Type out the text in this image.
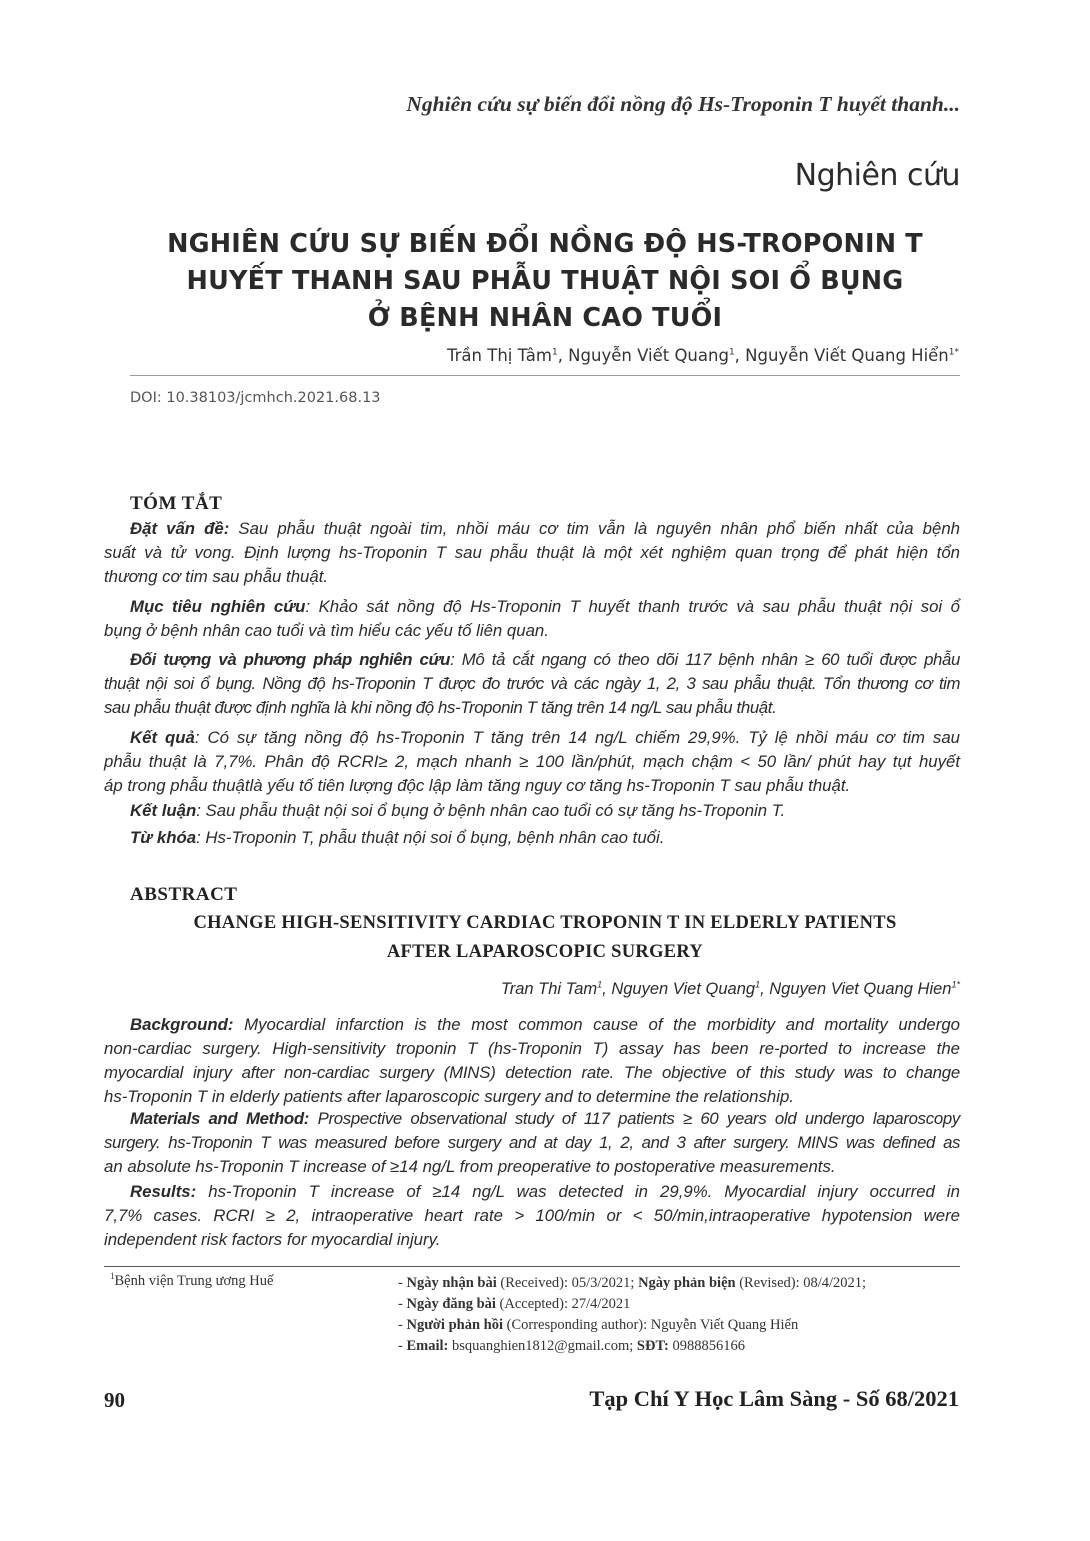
Nghiên cứu sự biến đổi nồng độ Hs-Troponin T huyết thanh...
Nghiên cứu
NGHIÊN CỨU SỰ BIẾN ĐỔI NỒNG ĐỘ HS-TROPONIN T
HUYẾT THANH SAU PHẪU THUẬT NỘI SOI Ổ BỤNG
Ở BỆNH NHÂN CAO TUỔI
Trần Thị Tâm$^1$, Nguyễn Viết Quang$^1$, Nguyễn Viết Quang Hiển$^{1*}$
DOI: 10.38103/jcmhch.2021.68.13
TÓM TẮT
Đặt vấn đề: Sau phẫu thuật ngoài tim, nhồi máu cơ tim vẫn là nguyên nhân phổ biến nhất của bệnh
suất và tử vong. Định lượng hs-Troponin T sau phẫu thuật là một xét nghiệm quan trọng để phát hiện tổn
thương cơ tim sau phẫu thuật.
Mục tiêu nghiên cứu: Khảo sát nồng độ Hs-Troponin T huyết thanh trước và sau phẫu thuật nội soi ổ
bụng ở bệnh nhân cao tuổi và tìm hiểu các yếu tố liên quan.
Đối tượng và phương pháp nghiên cứu: Mô tả cắt ngang có theo dõi 117 bệnh nhân ≥ 60 tuổi được phẫu
thuật nội soi ổ bụng. Nồng độ hs-Troponin T được đo trước và các ngày 1, 2, 3 sau phẫu thuật. Tổn thương cơ tim
sau phẫu thuật được định nghĩa là khi nồng độ hs-Troponin T tăng trên 14 ng/L sau phẫu thuật.
Kết quả: Có sự tăng nồng độ hs-Troponin T tăng trên 14 ng/L chiếm 29,9%. Tỷ lệ nhồi máu cơ tim sau
phẫu thuật là 7,7%. Phân độ RCRI≥ 2, mạch nhanh ≥ 100 lần/phút, mạch chậm < 50 lần/ phút hay tụt huyết
áp trong phẫu thuậtlà yếu tố tiên lượng độc lập làm tăng nguy cơ tăng hs-Troponin T sau phẫu thuật.
Kết luận: Sau phẫu thuật nội soi ổ bụng ở bệnh nhân cao tuổi có sự tăng hs-Troponin T.
Từ khóa: Hs-Troponin T, phẫu thuật nội soi ổ bụng, bệnh nhân cao tuổi.
ABSTRACT
CHANGE HIGH-SENSITIVITY CARDIAC TROPONIN T IN ELDERLY PATIENTS
AFTER LAPAROSCOPIC SURGERY
Tran Thi Tam$^1$, Nguyen Viet Quang$^1$, Nguyen Viet Quang Hien$^{1*}$
Background: Myocardial infarction is the most common cause of the morbidity and mortality undergo
non-cardiac surgery. High-sensitivity troponin T (hs-Troponin T) assay has been re-ported to increase the
myocardial injury after non-cardiac surgery (MINS) detection rate. The objective of this study was to change
hs-Troponin T in elderly patients after laparoscopic surgery and to determine the relationship.
Materials and Method: Prospective observational study of 117 patients ≥ 60 years old undergo laparoscopy
surgery. hs-Troponin T was measured before surgery and at day 1, 2, and 3 after surgery. MINS was defined as
an absolute hs-Troponin T increase of ≥14 ng/L from preoperative to postoperative measurements.
Results: hs-Troponin T increase of ≥14 ng/L was detected in 29,9%. Myocardial injury occurred in
7,7% cases. RCRI ≥ 2, intraoperative heart rate > 100/min or < 50/min,intraoperative hypotension were
independent risk factors for myocardial injury.
$^1$Bệnh viện Trung ương Huế	- Ngày nhận bài (Received): 05/3/2021; Ngày phản biện (Revised): 08/4/2021;
- Ngày đăng bài (Accepted): 27/4/2021
- Người phản hồi (Corresponding author): Nguyễn Viết Quang Hiển
- Email: bsquanghien1812@gmail.com; SĐT: 0988856166
90	Tạp Chí Y Học Lâm Sàng - Số 68/2021
